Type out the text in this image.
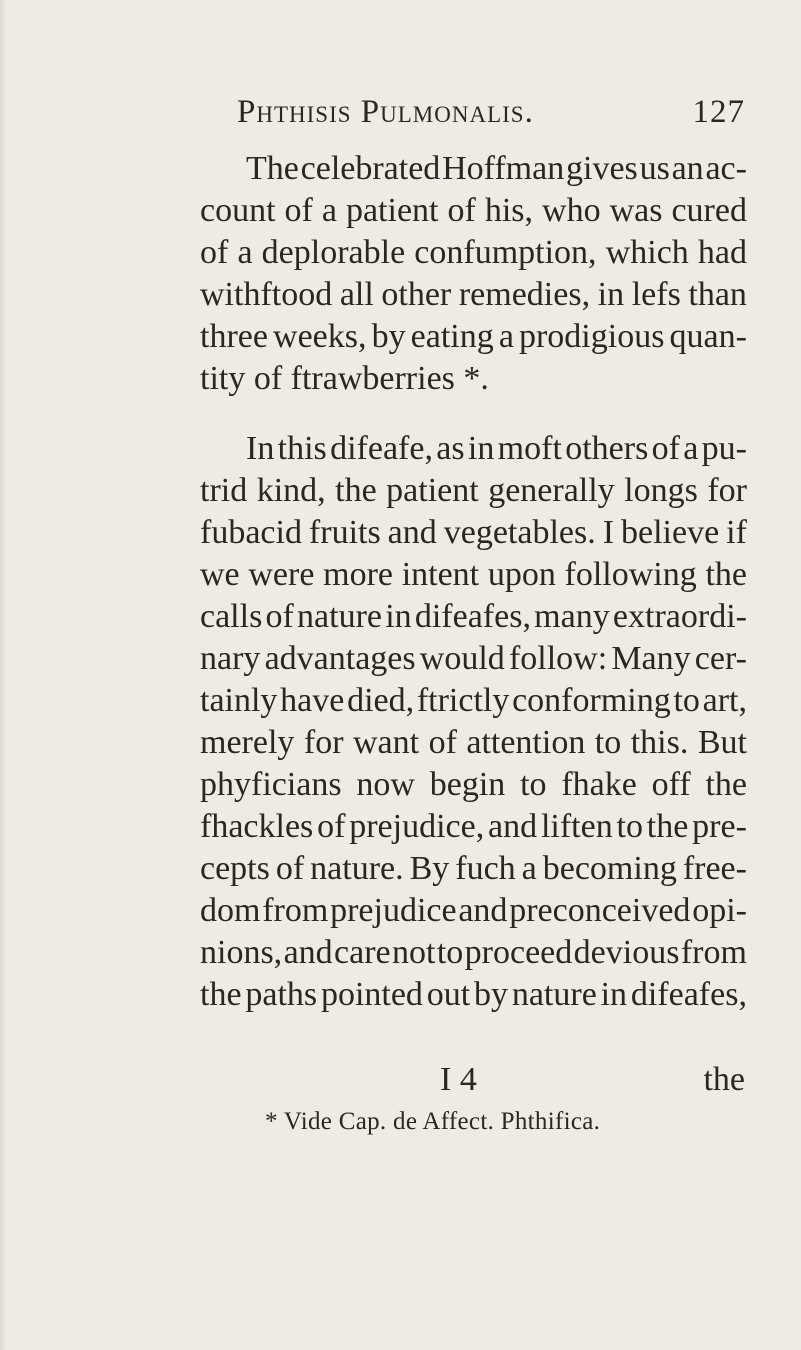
Phthisis Pulmonalis.	127
The celebrated Hoffman gives us an ac-
count of a patient of his, who was cured
of a deplorable confumption, which had
withftood all other remedies, in lefs than
three weeks, by eating a prodigious quan-
tity of ftrawberries *.
In this difeafe, as in moft others of a pu-
trid kind, the patient generally longs for
fubacid fruits and vegetables. I believe if
we were more intent upon following the
calls of nature in difeafes, many extraordi-
nary advantages would follow: Many cer-
tainly have died, ftrictly conforming to art,
merely for want of attention to this. But
phyficians now begin to fhake off the
fhackles of prejudice, and liften to the pre-
cepts of nature. By fuch a becoming free-
dom from prejudice and preconceived opi-
nions, and care not to proceed devious from
the paths pointed out by nature in difeafes,
I 4	the
* Vide Cap. de Affect. Phthifica.
